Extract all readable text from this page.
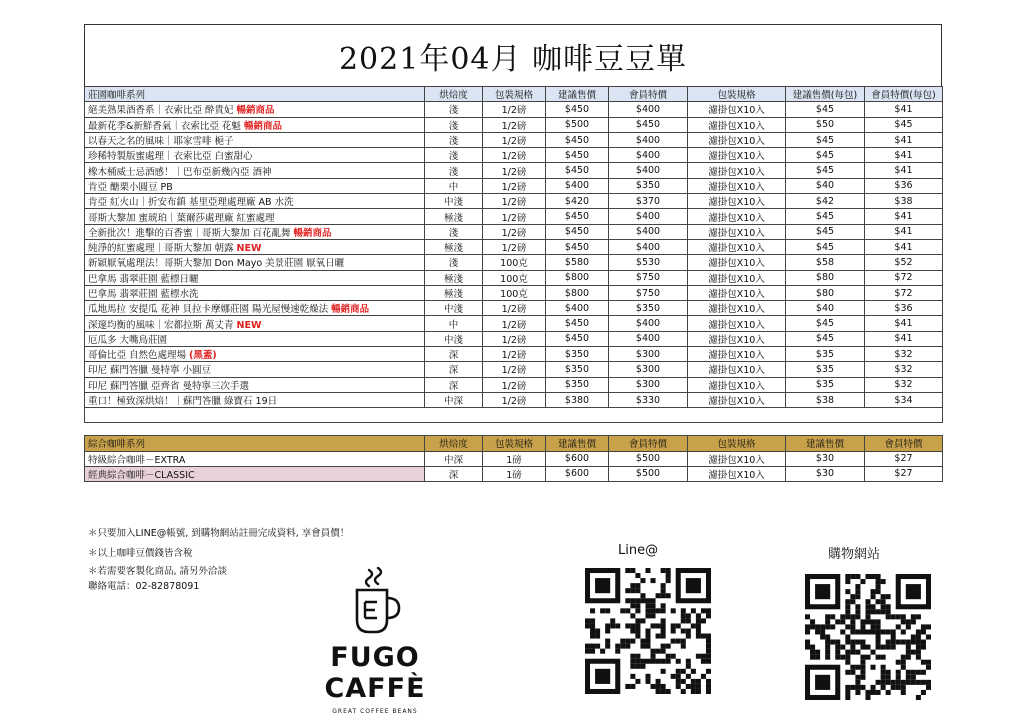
2021年04月 咖啡豆豆單
莊園咖啡系列	烘焙度	包裝規格	建議售價	會員特價	包裝規格	建議售價(每包)	會員特價(每包)
絕美熟果酒香系｜衣索比亞 酔貴妃 暢銷商品	淺	1/2磅	$450	$400	濾掛包X10入	$45	$41
最新花季&新鮮香氣｜衣索比亞 花魁 暢銷商品	淺	1/2磅	$500	$450	濾掛包X10入	$50	$45
以春天之名的風味｜耶家雪啡 梔子	淺	1/2磅	$450	$400	濾掛包X10入	$45	$41
珍稀特製版蜜處理｜衣索比亞 白蜜甜心	淺	1/2磅	$450	$400	濾掛包X10入	$45	$41
橡木桶威士忌酒感！｜巴布亞新幾內亞 酒神	淺	1/2磅	$450	$400	濾掛包X10入	$45	$41
肯亞 醣栗小圓豆 PB	中	1/2磅	$400	$350	濾掛包X10入	$40	$36
肯亞 紅火山｜折安布鎮 基里亞理處理廠 AB 水洗	中淺	1/2磅	$420	$370	濾掛包X10入	$42	$38
哥斯大黎加 蜜琥珀｜葉爾莎處理廠 紅蜜處理	極淺	1/2磅	$450	$400	濾掛包X10入	$45	$41
全新批次！進擊的百香蜜｜哥斯大黎加 百花亂舞 暢銷商品	淺	1/2磅	$450	$400	濾掛包X10入	$45	$41
純淨的紅蜜處理｜哥斯大黎加 朝露 NEW	極淺	1/2磅	$450	$400	濾掛包X10入	$45	$41
新穎厭氧處理法！哥斯大黎加 Don Mayo 美景莊園 厭氧日曬	淺	100克	$580	$530	濾掛包X10入	$58	$52
巴拿馬 翡翠莊園 藍標日曬	極淺	100克	$800	$750	濾掛包X10入	$80	$72
巴拿馬 翡翠莊園 藍標水洗	極淺	100克	$800	$750	濾掛包X10入	$80	$72
瓜地馬拉 安提瓜 花神 貝拉卡摩娜莊園 陽光屋慢速乾燥法 暢銷商品	中淺	1/2磅	$400	$350	濾掛包X10入	$40	$36
深邃均衡的風味｜宏都拉斯 萬丈青 NEW	中	1/2磅	$450	$400	濾掛包X10入	$45	$41
厄瓜多 大嘴鳥莊園	中淺	1/2磅	$450	$400	濾掛包X10入	$45	$41
哥倫比亞 自然色處理場 (黑蓋)	深	1/2磅	$350	$300	濾掛包X10入	$35	$32
印尼 蘇門答臘 曼特寧 小圓豆	深	1/2磅	$350	$300	濾掛包X10入	$35	$32
印尼 蘇門答臘 亞齊省 曼特寧三次手選	深	1/2磅	$350	$300	濾掛包X10入	$35	$32
重口！極致深烘焙！｜蘇門答臘 綠寶石 19日	中深	1/2磅	$380	$330	濾掛包X10入	$38	$34

綜合咖啡系列	烘焙度	包裝規格	建議售價	會員特價	包裝規格	建議售價	會員特價
特級綜合咖啡－EXTRA	中深	1磅	$600	$500	濾掛包X10入	$30	$27
經典綜合咖啡－CLASSIC	深	1磅	$600	$500	濾掛包X10入	$30	$27
＊只要加入LINE@帳號, 到購物網站註冊完成資料, 享會員價！
＊以上咖啡豆價錢皆含稅
＊若需要客製化商品, 請另外洽談
聯絡電話：02-82878091
FUGO CAFFÈ
GREAT COFFEE BEANS
Line@	購物網站
